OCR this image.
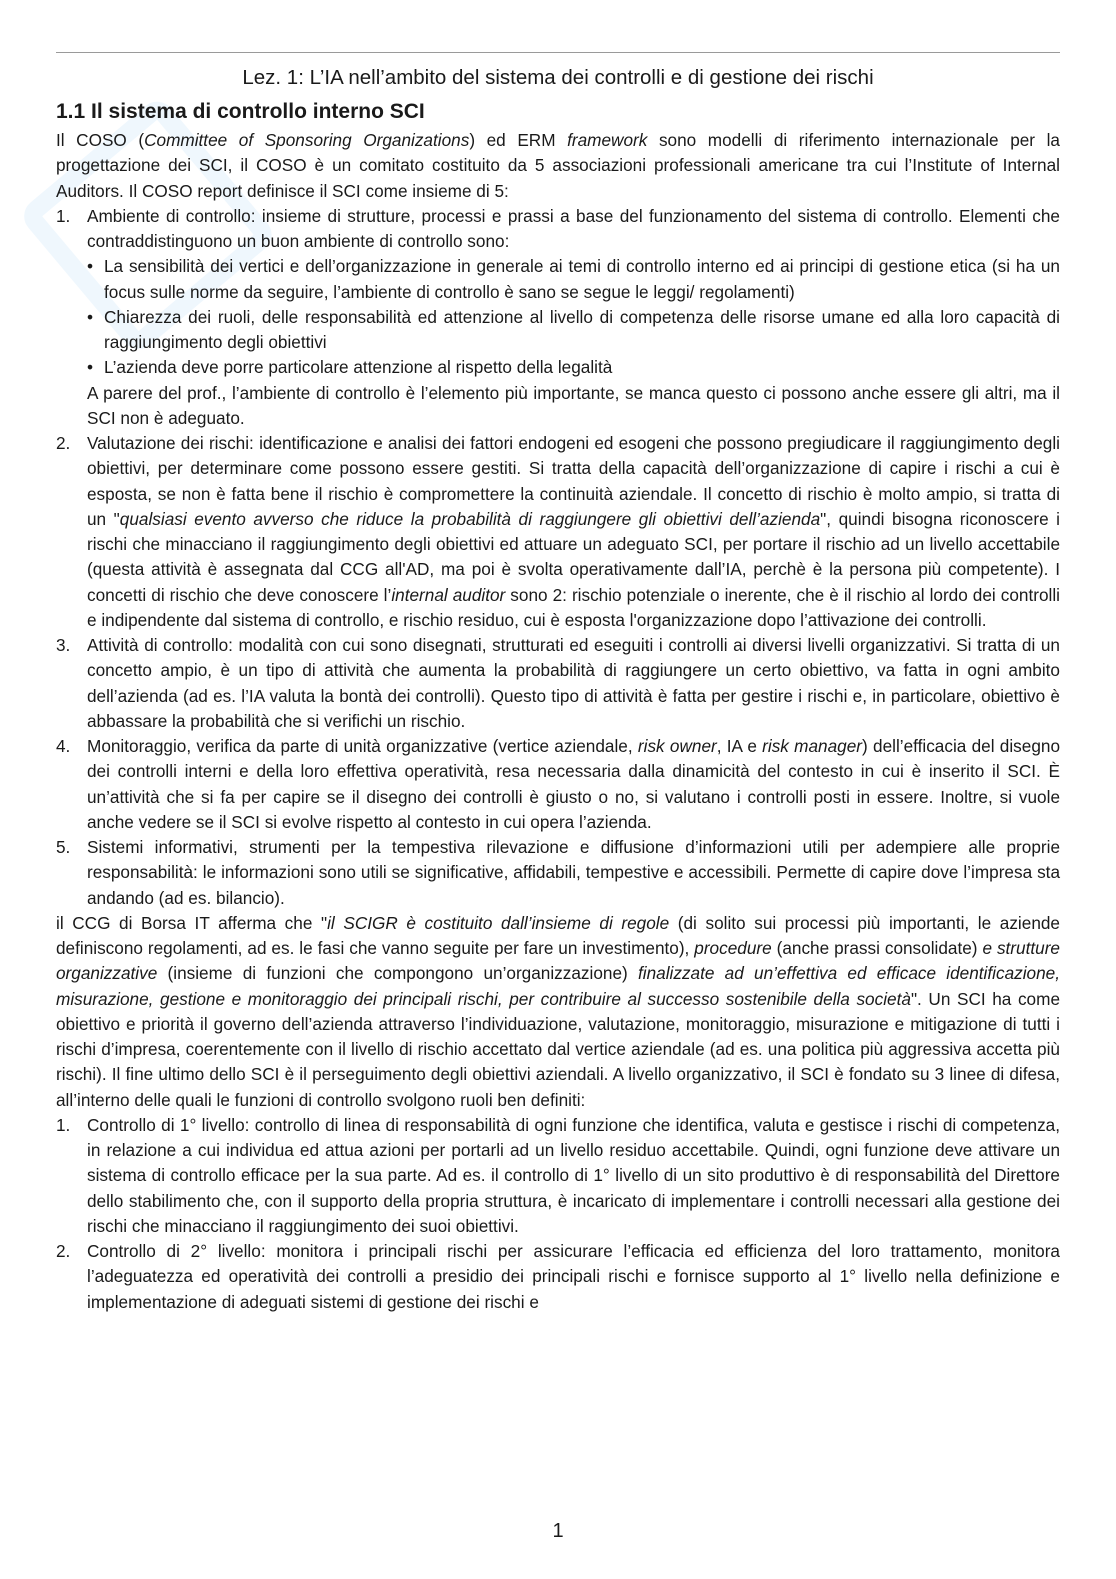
Lez. 1: L’IA nell’ambito del sistema dei controlli e di gestione dei rischi
1.1 Il sistema di controllo interno SCI

Il COSO (Committee of Sponsoring Organizations) ed ERM framework sono modelli di riferimento internazionale per la progettazione dei SCI, il COSO è un comitato costituito da 5 associazioni professionali americane tra cui l’Institute of Internal Auditors. Il COSO report definisce il SCI come insieme di 5:

1. Ambiente di controllo: insieme di strutture, processi e prassi a base del funzionamento del sistema di controllo. Elementi che contraddistinguono un buon ambiente di controllo sono:
• La sensibilità dei vertici e dell’organizzazione in generale ai temi di controllo interno ed ai principi di gestione etica (si ha un focus sulle norme da seguire, l’ambiente di controllo è sano se segue le leggi/ regolamenti)
• Chiarezza dei ruoli, delle responsabilità ed attenzione al livello di competenza delle risorse umane ed alla loro capacità di raggiungimento degli obiettivi
• L’azienda deve porre particolare attenzione al rispetto della legalità

A parere del prof., l’ambiente di controllo è l’elemento più importante, se manca questo ci possono anche essere gli altri, ma il SCI non è adeguato.

2. Valutazione dei rischi: identificazione e analisi dei fattori endogeni ed esogeni che possono pregiudicare il raggiungimento degli obiettivi, per determinare come possono essere gestiti. Si tratta della capacità dell’organizzazione di capire i rischi a cui è esposta, se non è fatta bene il rischio è compromettere la continuità aziendale. Il concetto di rischio è molto ampio, si tratta di un "qualsiasi evento avverso che riduce la probabilità di raggiungere gli obiettivi dell’azienda", quindi bisogna riconoscere i rischi che minacciano il raggiungimento degli obiettivi ed attuare un adeguato SCI, per portare il rischio ad un livello accettabile (questa attività è assegnata dal CCG all'AD, ma poi è svolta operativamente dall’IA, perchè è la persona più competente). I concetti di rischio che deve conoscere l’internal auditor sono 2: rischio potenziale o inerente, che è il rischio al lordo dei controlli e indipendente dal sistema di controllo, e rischio residuo, cui è esposta l'organizzazione dopo l’attivazione dei controlli.
3. Attività di controllo: modalità con cui sono disegnati, strutturati ed eseguiti i controlli ai diversi livelli organizzativi. Si tratta di un concetto ampio, è un tipo di attività che aumenta la probabilità di raggiungere un certo obiettivo, va fatta in ogni ambito dell’azienda (ad es. l’IA valuta la bontà dei controlli). Questo tipo di attività è fatta per gestire i rischi e, in particolare, obiettivo è abbassare la probabilità che si verifichi un rischio.
4. Monitoraggio, verifica da parte di unità organizzative (vertice aziendale, risk owner, IA e risk manager) dell’efficacia del disegno dei controlli interni e della loro effettiva operatività, resa necessaria dalla dinamicità del contesto in cui è inserito il SCI. È un’attività che si fa per capire se il disegno dei controlli è giusto o no, si valutano i controlli posti in essere. Inoltre, si vuole anche vedere se il SCI si evolve rispetto al contesto in cui opera l’azienda.
5. Sistemi informativi, strumenti per la tempestiva rilevazione e diffusione d’informazioni utili per adempiere alle proprie responsabilità: le informazioni sono utili se significative, affidabili, tempestive e accessibili. Permette di capire dove l’impresa sta andando (ad es. bilancio).

il CCG di Borsa IT afferma che "il SCIGR è costituito dall’insieme di regole (di solito sui processi più importanti, le aziende definiscono regolamenti, ad es. le fasi che vanno seguite per fare un investimento), procedure (anche prassi consolidate) e strutture organizzative (insieme di funzioni che compongono un’organizzazione) finalizzate ad un’effettiva ed efficace identificazione, misurazione, gestione e monitoraggio dei principali rischi, per contribuire al successo sostenibile della società". Un SCI ha come obiettivo e priorità il governo dell’azienda attraverso l’individuazione, valutazione, monitoraggio, misurazione e mitigazione di tutti i rischi d’impresa, coerentemente con il livello di rischio accettato dal vertice aziendale (ad es. una politica più aggressiva accetta più rischi). Il fine ultimo dello SCI è il perseguimento degli obiettivi aziendali. A livello organizzativo, il SCI è fondato su 3 linee di difesa, all’interno delle quali le funzioni di controllo svolgono ruoli ben definiti:

1. Controllo di 1° livello: controllo di linea di responsabilità di ogni funzione che identifica, valuta e gestisce i rischi di competenza, in relazione a cui individua ed attua azioni per portarli ad un livello residuo accettabile. Quindi, ogni funzione deve attivare un sistema di controllo efficace per la sua parte. Ad es. il controllo di 1° livello di un sito produttivo è di responsabilità del Direttore dello stabilimento che, con il supporto della propria struttura, è incaricato di implementare i controlli necessari alla gestione dei rischi che minacciano il raggiungimento dei suoi obiettivi.
2. Controllo di 2° livello: monitora i principali rischi per assicurare l’efficacia ed efficienza del loro trattamento, monitora l’adeguatezza ed operatività dei controlli a presidio dei principali rischi e fornisce supporto al 1° livello nella definizione e implementazione di adeguati sistemi di gestione dei rischi e
1
